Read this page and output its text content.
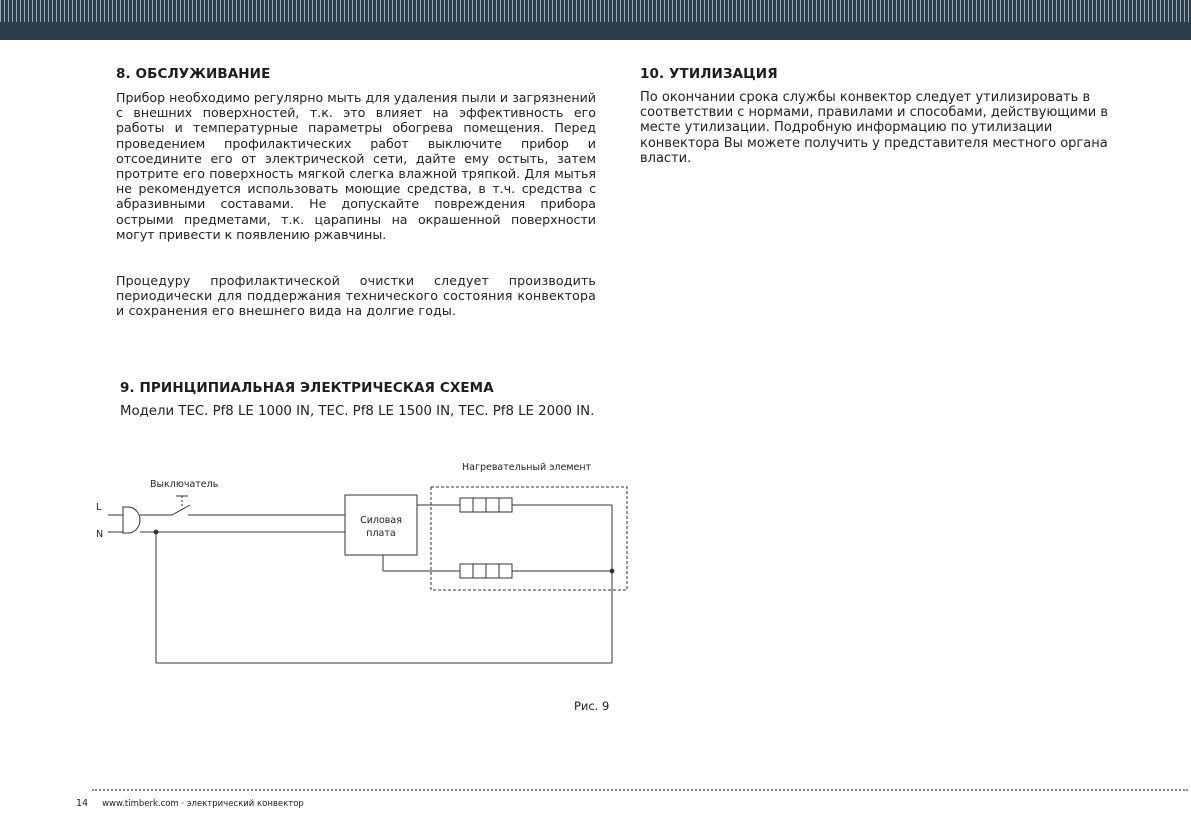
8. ОБСЛУЖИВАНИЕ

Прибор необходимо регулярно мыть для удаления пыли и загрязнений с внешних поверхностей, т.к. это влияет на эффективность его работы и температурные параметры обогрева помещения. Перед проведением профилактических работ выключите прибор и отсоедините его от электрической сети, дайте ему остыть, затем протрите его поверхность мягкой слегка влажной тряпкой. Для мытья не рекомендуется использовать моющие средства, в т.ч. средства с абразивными составами. Не допускайте повреждения прибора острыми предметами, т.к. царапины на окрашенной поверхности могут привести к появлению ржавчины.

Процедуру профилактической очистки следует производить периодически для поддержания технического состояния конвектора и сохранения его внешнего вида на долгие годы.

9. ПРИНЦИПИАЛЬНАЯ ЭЛЕКТРИЧЕСКАЯ СХЕМА

Модели TEC. Pf8 LE 1000 IN, TEC. Pf8 LE 1500 IN, TEC. Pf8 LE 2000 IN.

10. УТИЛИЗАЦИЯ

По окончании срока службы конвектор следует утилизировать в соответствии с нормами, правилами и способами, действующими в месте утилизации. Подробную информацию по утилизации конвектора Вы можете получить у представителя местного органа власти.

L
N
Выключатель
Нагревательный элемент
Силовая
плата

Рис. 9

14 www.timberk.com · электрический конвектор
